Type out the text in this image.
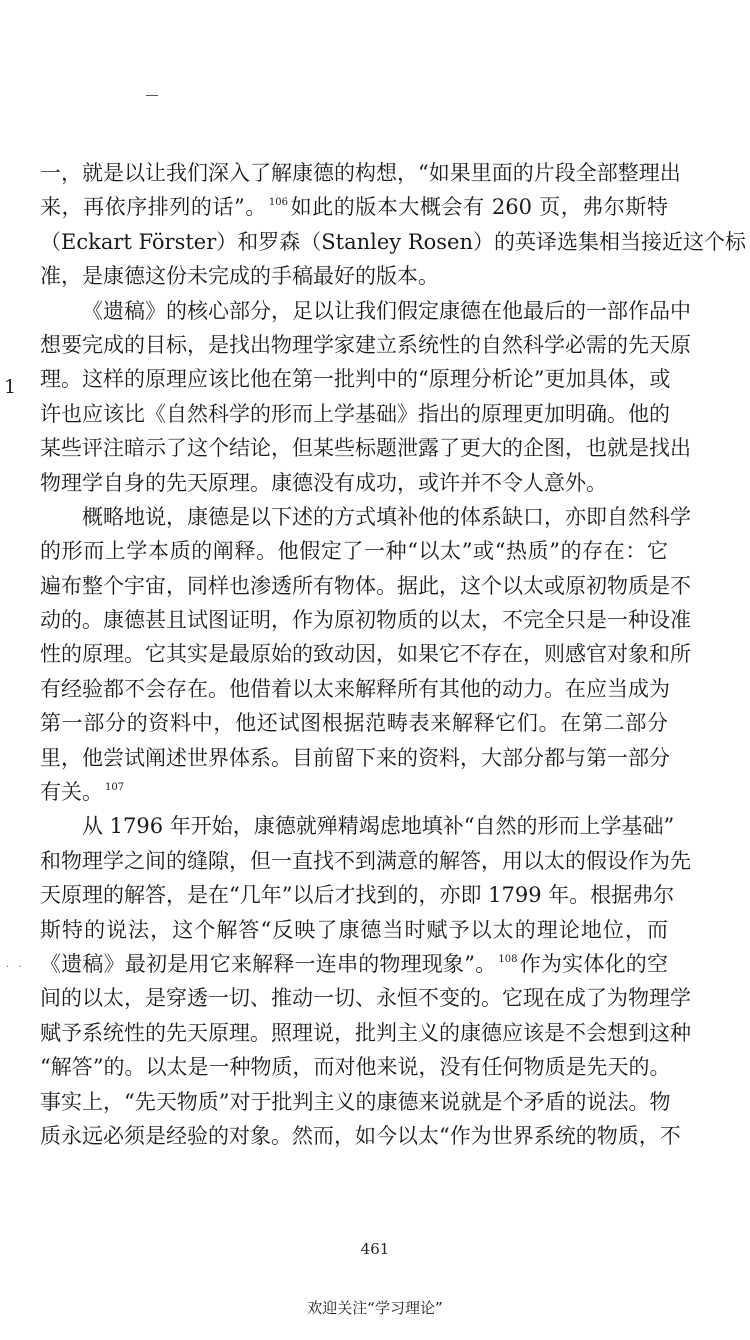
1
· ·
一，就是以让我们深入了解康德的构想，“如果里面的片段全部整理出
来，再依序排列的话”。 $^{106}$如此的版本大概会有 260 页，弗尔斯特
（Eckart Förster）和罗森（Stanley Rosen）的英译选集相当接近这个标
准，是康德这份未完成的手稿最好的版本。
《遗稿》的核心部分，足以让我们假定康德在他最后的一部作品中
想要完成的目标，是找出物理学家建立系统性的自然科学必需的先天原
理。这样的原理应该比他在第一批判中的“原理分析论”更加具体，或
许也应该比《自然科学的形而上学基础》指出的原理更加明确。他的
某些评注暗示了这个结论，但某些标题泄露了更大的企图，也就是找出
物理学自身的先天原理。康德没有成功，或许并不令人意外。
概略地说，康德是以下述的方式填补他的体系缺口，亦即自然科学
的形而上学本质的阐释。他假定了一种“以太”或“热质”的存在：它
遍布整个宇宙，同样也渗透所有物体。据此，这个以太或原初物质是不
动的。康德甚且试图证明，作为原初物质的以太，不完全只是一种设准
性的原理。它其实是最原始的致动因，如果它不存在，则感官对象和所
有经验都不会存在。他借着以太来解释所有其他的动力。在应当成为
第一部分的资料中，他还试图根据范畴表来解释它们。在第二部分
里，他尝试阐述世界体系。目前留下来的资料，大部分都与第一部分
有关。 $^{107}$
从 1796 年开始，康德就殚精竭虑地填补“自然的形而上学基础”
和物理学之间的缝隙，但一直找不到满意的解答，用以太的假设作为先
天原理的解答，是在“几年”以后才找到的，亦即 1799 年。根据弗尔
斯特的说法，这个解答“反映了康德当时赋予以太的理论地位，而
《遗稿》最初是用它来解释一连串的物理现象”。 $^{108}$作为实体化的空
间的以太，是穿透一切、推动一切、永恒不变的。它现在成了为物理学
赋予系统性的先天原理。照理说，批判主义的康德应该是不会想到这种
“解答”的。以太是一种物质，而对他来说，没有任何物质是先天的。
事实上，“先天物质”对于批判主义的康德来说就是个矛盾的说法。物
质永远必须是经验的对象。然而，如今以太“作为世界系统的物质，不
461
欢迎关注“学习理论”
